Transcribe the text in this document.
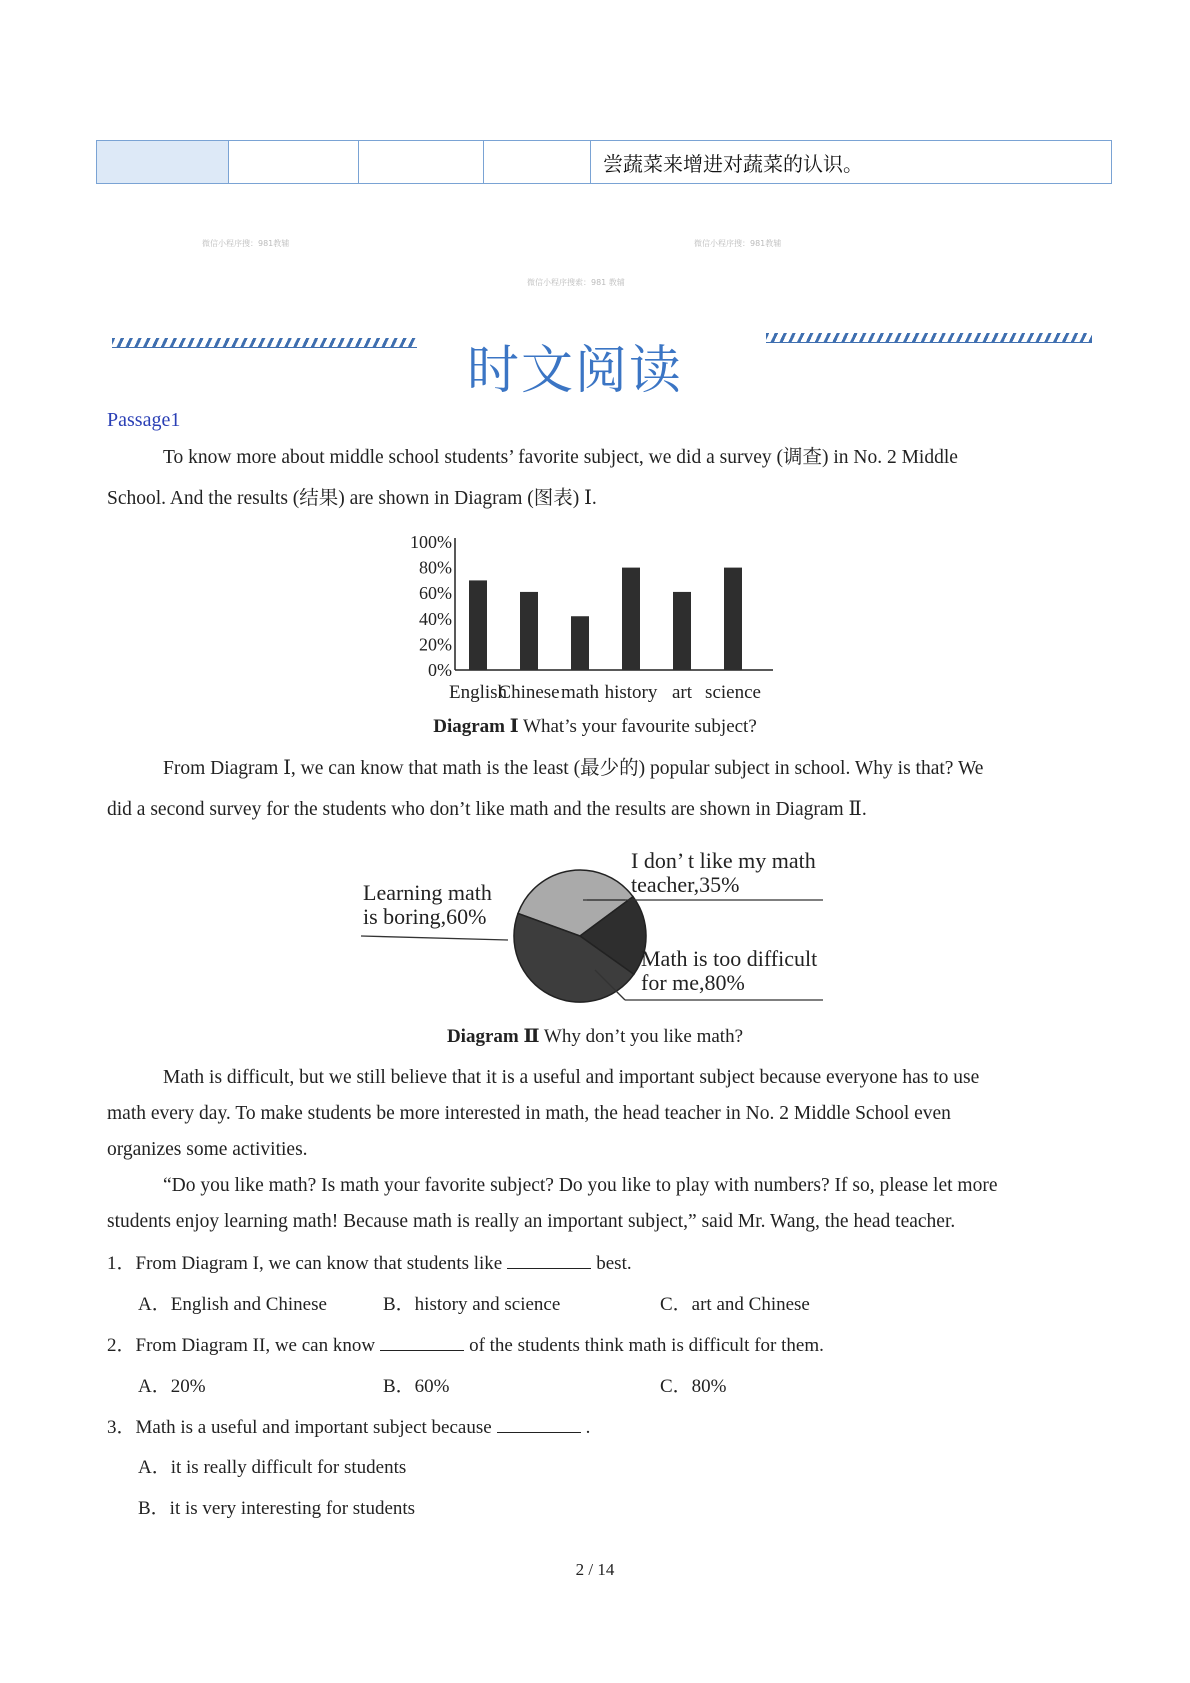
				尝蔬菜来增进对蔬菜的认识。
微信小程序搜：981教辅	微信小程序搜：981教辅
微信小程序搜索：981 教辅
时文阅读
Passage1
To know more about middle school students’ favorite subject, we did a survey (调查) in No. 2 Middle
School. And the results (结果) are shown in Diagram (图表) Ⅰ.
100%
80%
60%
40%
20%
0%
English
Chinese math history art science
Diagram Ⅰ What’s your favourite subject?
From Diagram Ⅰ, we can know that math is the least (最少的) popular subject in school. Why is that? We
did a second survey for the students who don’t like math and the results are shown in Diagram Ⅱ.
Learning math
is boring,60%
I don’ t like my math
teacher,35%
Math is too difficult
for me,80%
Diagram Ⅱ Why don’t you like math?
Math is difficult, but we still believe that it is a useful and important subject because everyone has to use
math every day. To make students be more interested in math, the head teacher in No. 2 Middle School even
organizes some activities.
“Do you like math? Is math your favorite subject? Do you like to play with numbers? If so, please let more
students enjoy learning math! Because math is really an important subject,” said Mr. Wang, the head teacher.
1．From Diagram I, we can know that students like	best.
A．English and Chinese	B．history and science	C．art and Chinese
2．From Diagram II, we can know	of the students think math is difficult for them.
A．20%	B．60%	C．80%
3．Math is a useful and important subject because	.
A．it is really difficult for students
B．it is very interesting for students
2 / 14
